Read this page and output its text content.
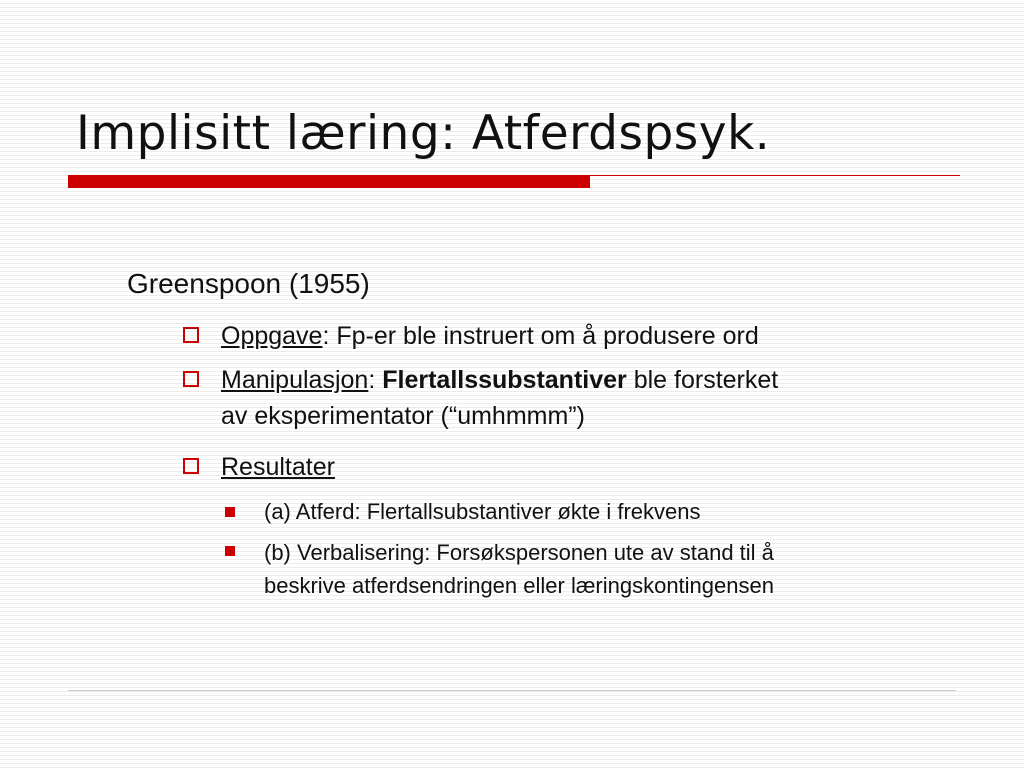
Implisitt læring: Atferdspsyk.
Greenspoon (1955)
Oppgave: Fp-er ble instruert om å produsere ord
Manipulasjon: Flertallssubstantiver ble forsterket
av eksperimentator (“umhmmm”)
Resultater
(a) Atferd: Flertallsubstantiver økte i frekvens
(b) Verbalisering: Forsøkspersonen ute av stand til å
beskrive atferdsendringen eller læringskontingensen
